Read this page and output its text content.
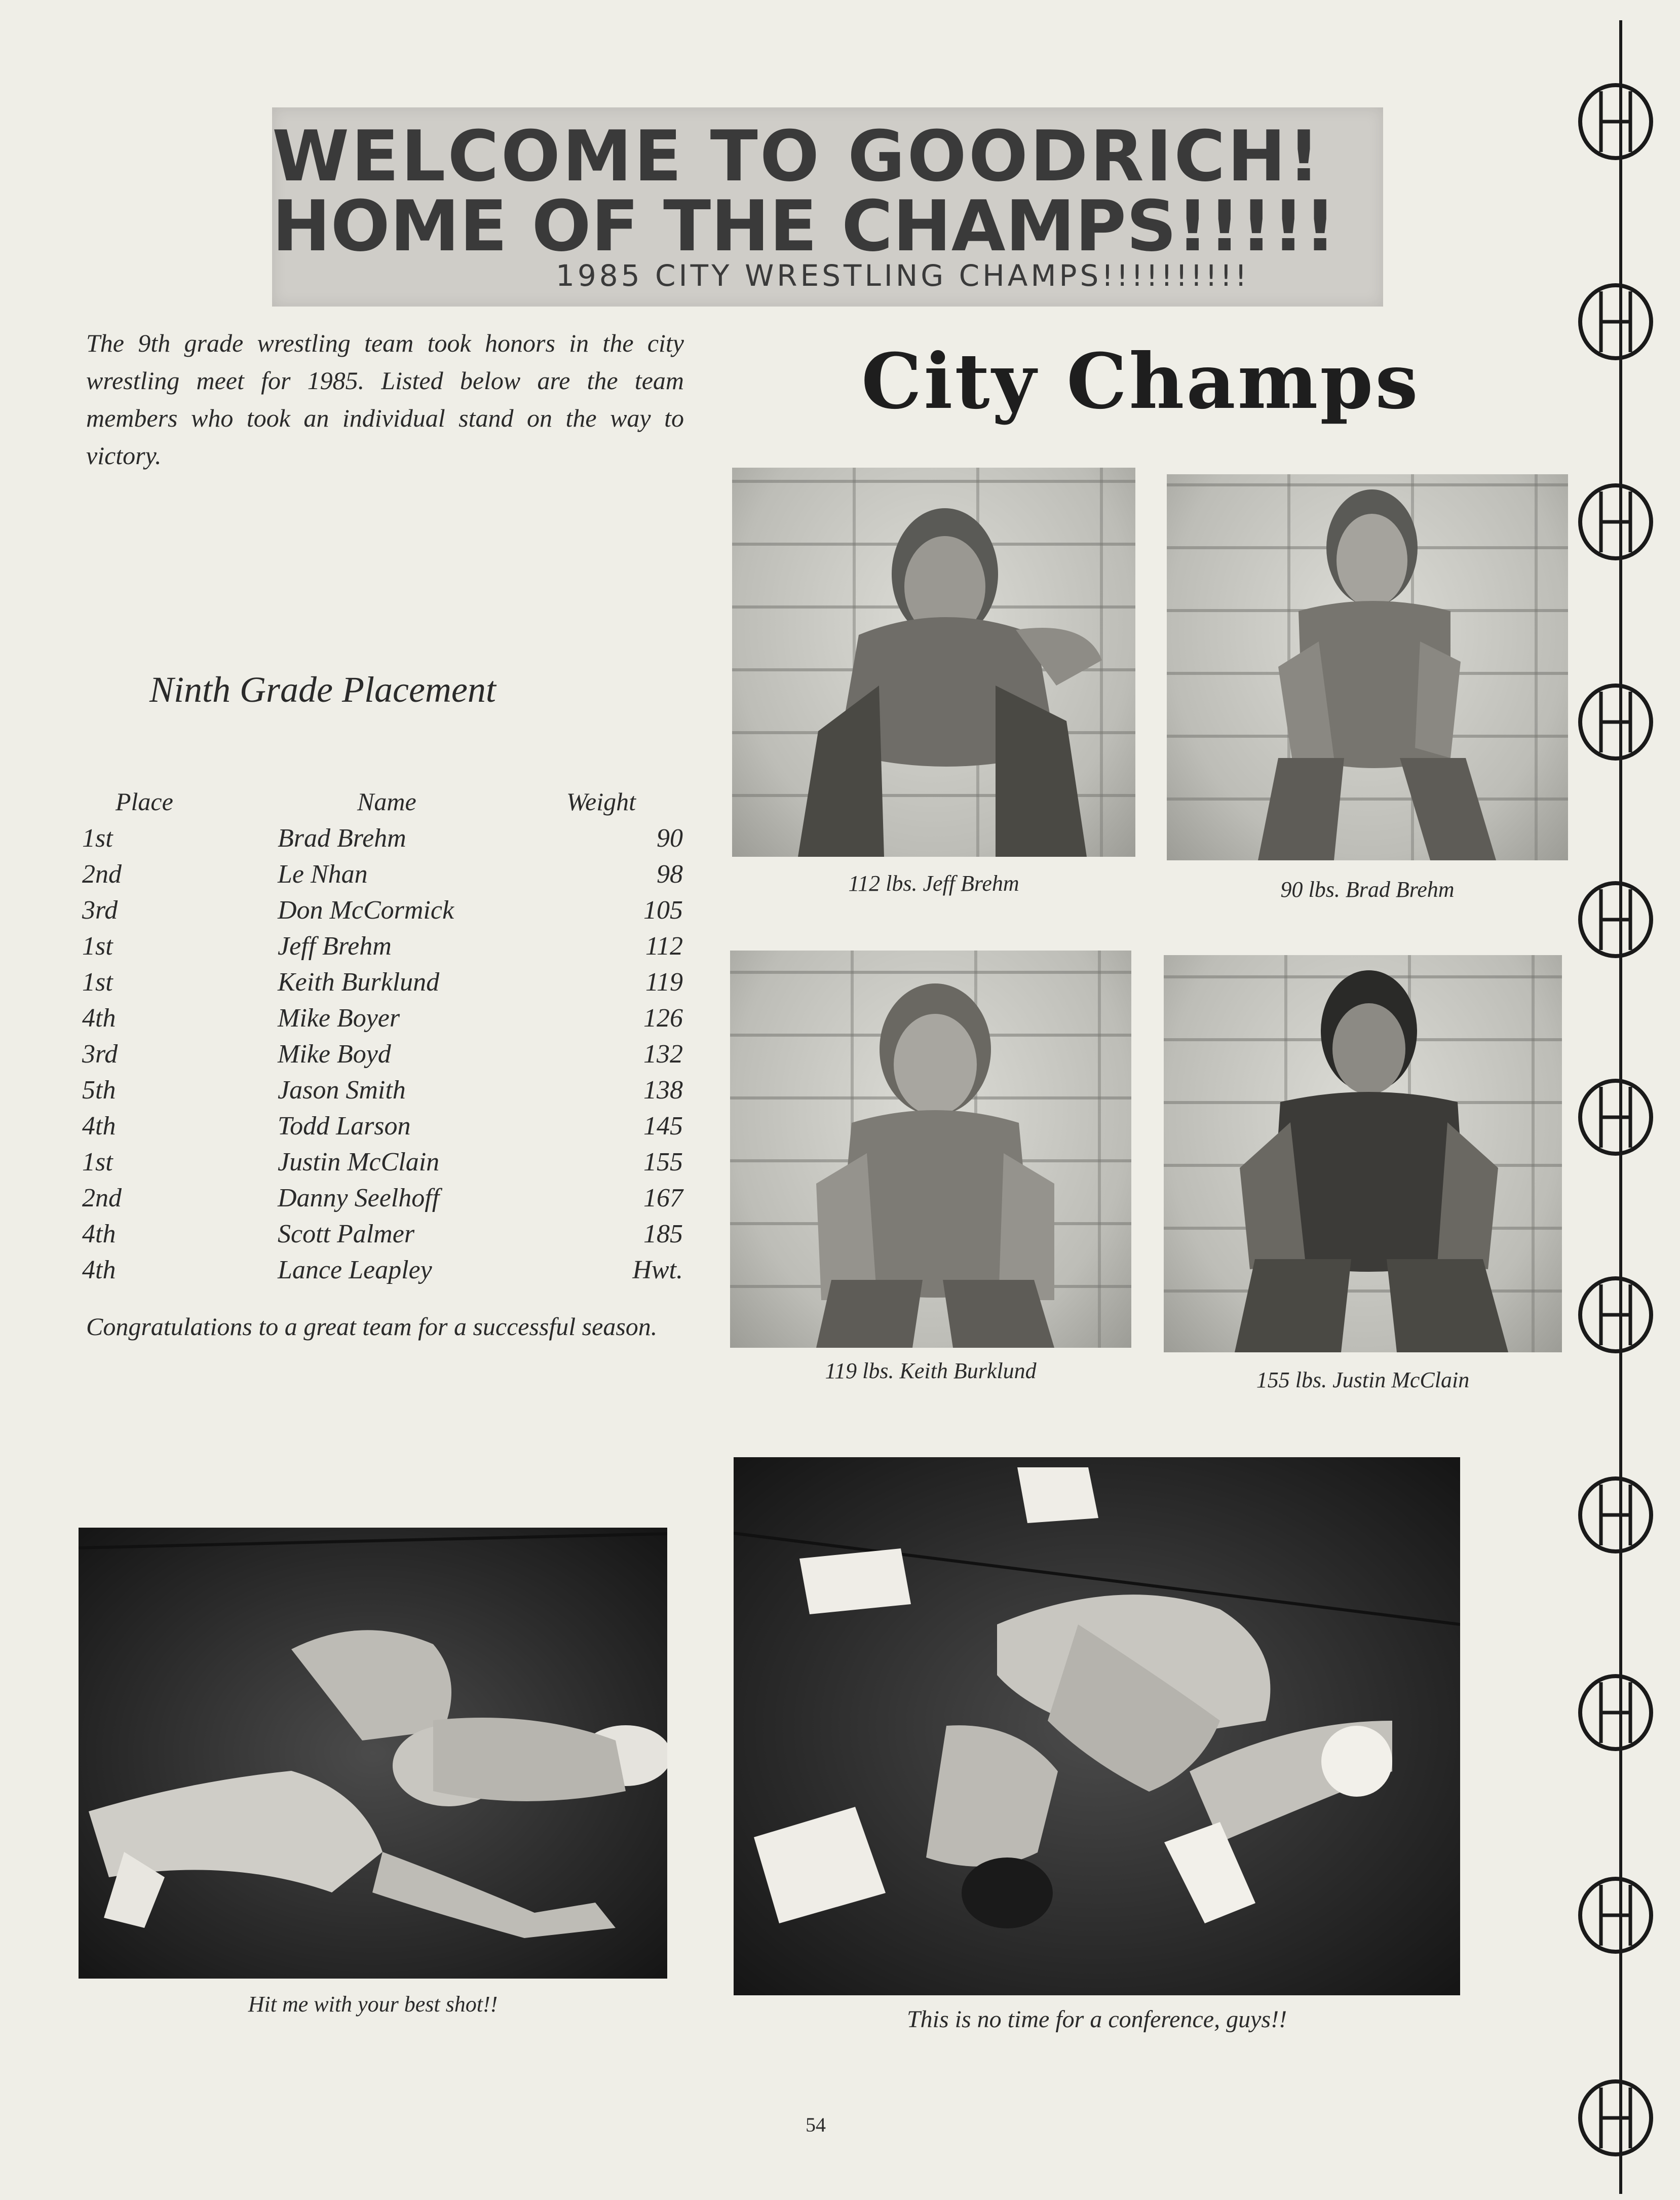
WELCOME TO GOODRICH!
HOME OF THE CHAMPS!!!!!
1985 CITY WRESTLING CHAMPS!!!!!!!!!!
The 9th grade wrestling team took honors in the city wrestling meet for 1985. Listed below are the team members who took an individual stand on the way to victory.
City Champs
Ninth Grade Placement
Place	Name	Weight
1st	Brad Brehm	90
2nd	Le Nhan	98
3rd	Don McCormick	105
1st	Jeff Brehm	112
1st	Keith Burklund	119
4th	Mike Boyer	126
3rd	Mike Boyd	132
5th	Jason Smith	138
4th	Todd Larson	145
1st	Justin McClain	155
2nd	Danny Seelhoff	167
4th	Scott Palmer	185
4th	Lance Leapley	Hwt.
Congratulations to a great team for a successful season.
112 lbs. Jeff Brehm	90 lbs. Brad Brehm
119 lbs. Keith Burklund	155 lbs. Justin McClain
Hit me with your best shot!!
This is no time for a conference, guys!!
54
